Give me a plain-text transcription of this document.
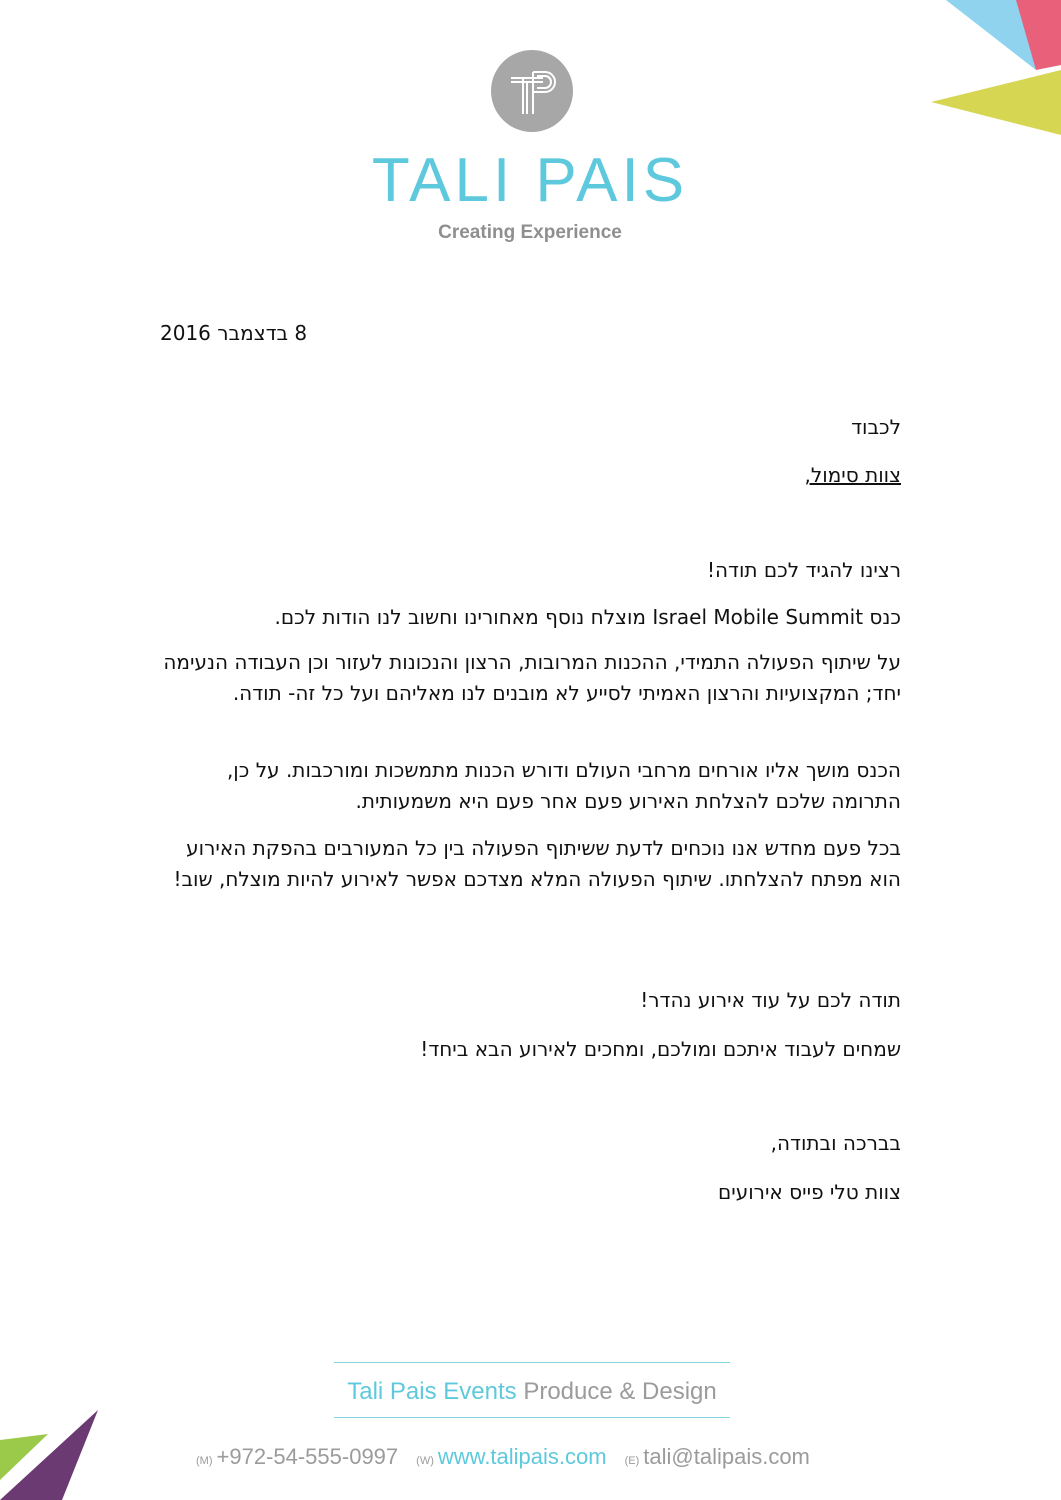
TALI PAIS
Creating Experience
8 בדצמבר 2016
לכבוד
צוות סימול,
רצינו להגיד לכם תודה!
כנס Israel Mobile Summit מוצלח נוסף מאחורינו וחשוב לנו הודות לכם.
על שיתוף הפעולה התמידי, ההכנות המרובות, הרצון והנכונות לעזור וכן העבודה הנעימה יחד; המקצועיות והרצון האמיתי לסייע לא מובנים לנו מאליהם ועל כל זה- תודה.
הכנס מושך אליו אורחים מרחבי העולם ודורש הכנות מתמשכות ומורכבות. על כן, התרומה שלכם להצלחת האירוע פעם אחר פעם היא משמעותית.
בכל פעם מחדש אנו נוכחים לדעת ששיתוף הפעולה בין כל המעורבים בהפקת האירוע הוא מפתח להצלחתו. שיתוף הפעולה המלא מצדכם אפשר לאירוע להיות מוצלח, שוב!
תודה לכם על עוד אירוע נהדר!
שמחים לעבוד איתכם ומולכם, ומחכים לאירוע הבא ביחד!
בברכה ובתודה,
צוות טלי פייס אירועים
Tali Pais Events Produce & Design
(M) +972-54-555-0997 (W) www.talipais.com (E) tali@talipais.com
